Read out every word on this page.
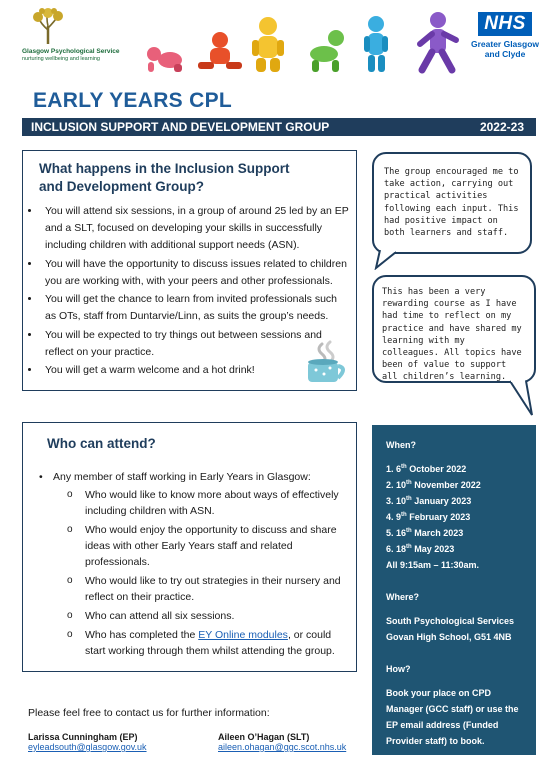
Glasgow Psychological Service
nurturing wellbeing and learning
NHS
Greater Glasgow
and Clyde
EARLY YEARS CPL
INCLUSION SUPPORT AND DEVELOPMENT GROUP	2022-23
What happens in the Inclusion Support and Development Group?
• You will attend six sessions, in a group of around 25 led by an EP and a SLT, focused on developing your skills in successfully including children with additional support needs (ASN).
• You will have the opportunity to discuss issues related to children you are working with, with your peers and other professionals.
• You will get the chance to learn from invited professionals such as OTs, staff from Duntarvie/Linn, as suits the group’s needs.
• You will be expected to try things out between sessions and reflect on your practice.
• You will get a warm welcome and a hot drink!
The group encouraged me to take action, carrying out practical activities following each input. This had positive impact on both learners and staff.
This has been a very rewarding course as I have had time to reflect on my practice and have shared my learning with my colleagues. All topics have been of value to support all children’s learning.
Who can attend?
• Any member of staff working in Early Years in Glasgow:
o Who would like to know more about ways of effectively including children with ASN.
o Who would enjoy the opportunity to discuss and share ideas with other Early Years staff and related professionals.
o Who would like to try out strategies in their nursery and reflect on their practice.
o Who can attend all six sessions.
o Who has completed the EY Online modules, or could start working through them whilst attending the group.
When?
1. 6th October 2022
2. 10th November 2022
3. 10th January 2023
4. 9th February 2023
5. 16th March 2023
6. 18th May 2023
All 9:15am – 11:30am.
Where?
South Psychological Services
Govan High School, G51 4NB
How?
Book your place on CPD Manager (GCC staff) or use the EP email address (Funded Provider staff) to book.
Please feel free to contact us for further information:
Larissa Cunningham (EP)
eyleadsouth@glasgow.gov.uk
Aileen O’Hagan (SLT)
aileen.ohagan@ggc.scot.nhs.uk
